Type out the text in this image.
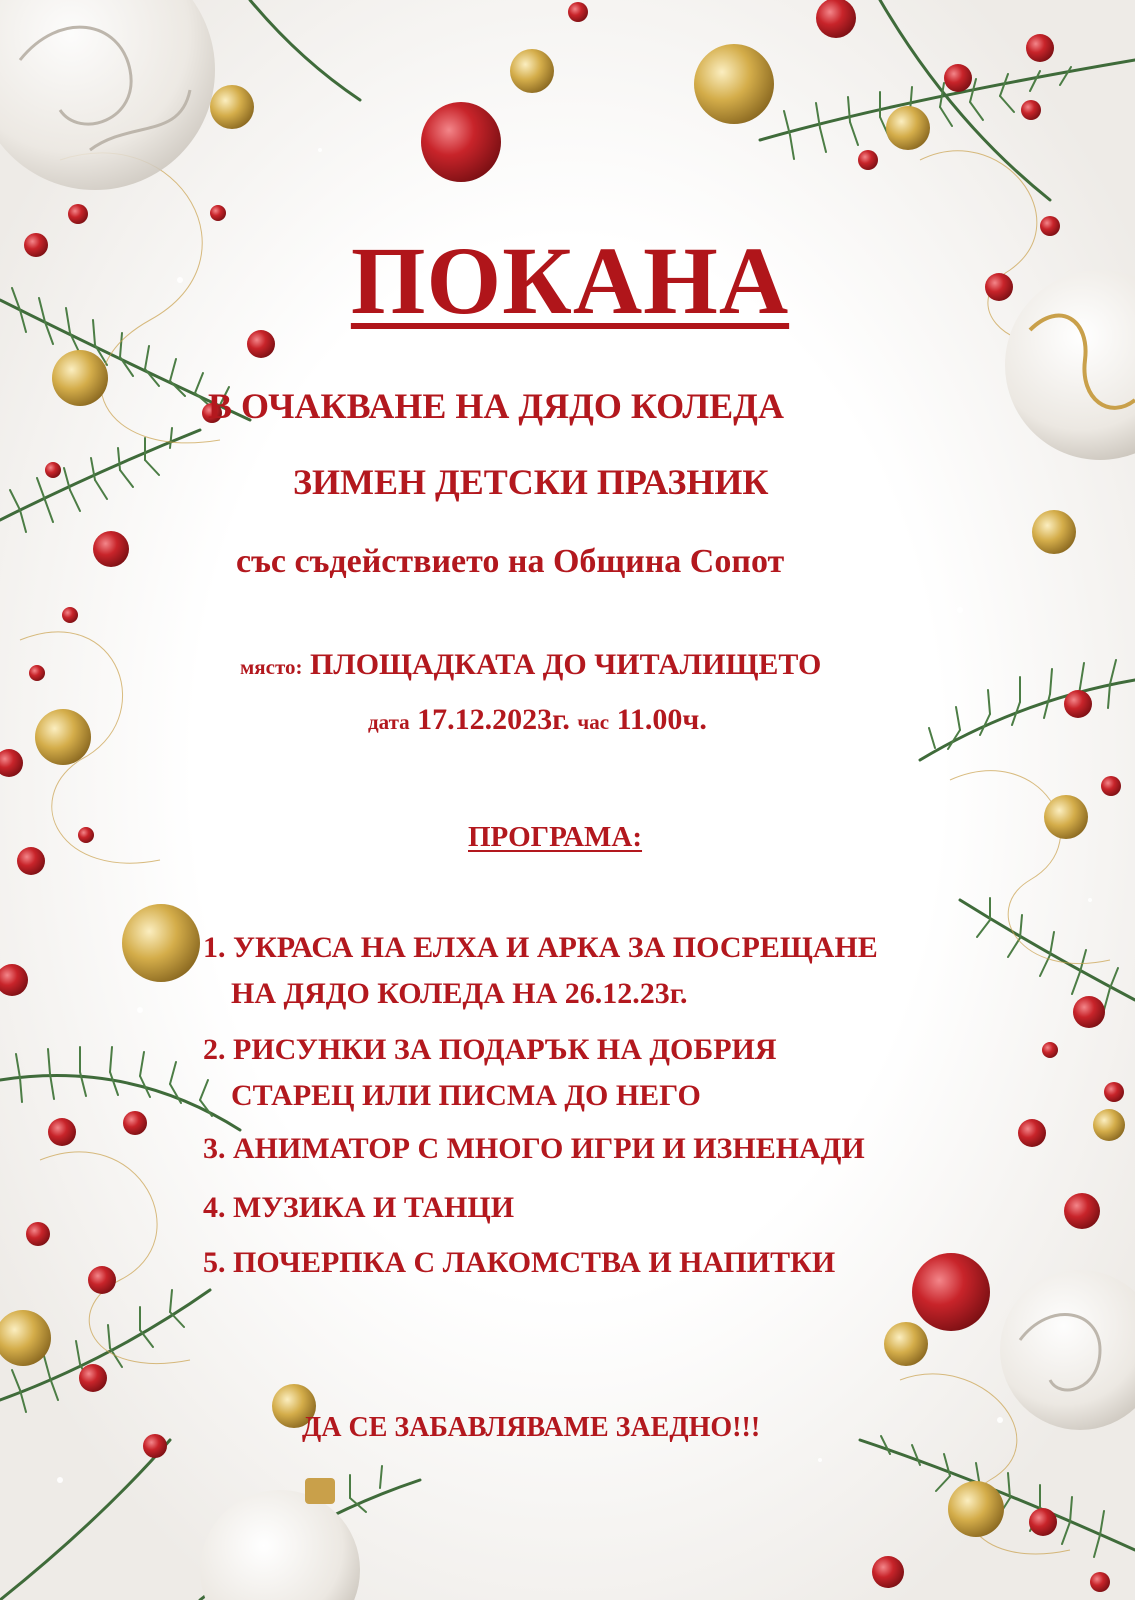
ПОКАНА

В ОЧАКВАНЕ НА ДЯДО КОЛЕДА

ЗИМЕН ДЕТСКИ ПРАЗНИК

със съдействието на Община Сопот

място: ПЛОЩАДКАТА ДО ЧИТАЛИЩЕТО

дата 17.12.2023г. час 11.00ч.

ПРОГРАМА:

1. УКРАСА НА ЕЛХА И АРКА ЗА ПОСРЕЩАНЕ
НА ДЯДО КОЛЕДА НА 26.12.23г.

2. РИСУНКИ ЗА ПОДАРЪК НА ДОБРИЯ
СТАРЕЦ ИЛИ ПИСМА ДО НЕГО

3. АНИМАТОР С МНОГО ИГРИ И ИЗНЕНАДИ

4. МУЗИКА И ТАНЦИ

5. ПОЧЕРПКА С ЛАКОМСТВА И НАПИТКИ

ДА СЕ ЗАБАВЛЯВАМЕ ЗАЕДНО!!!
